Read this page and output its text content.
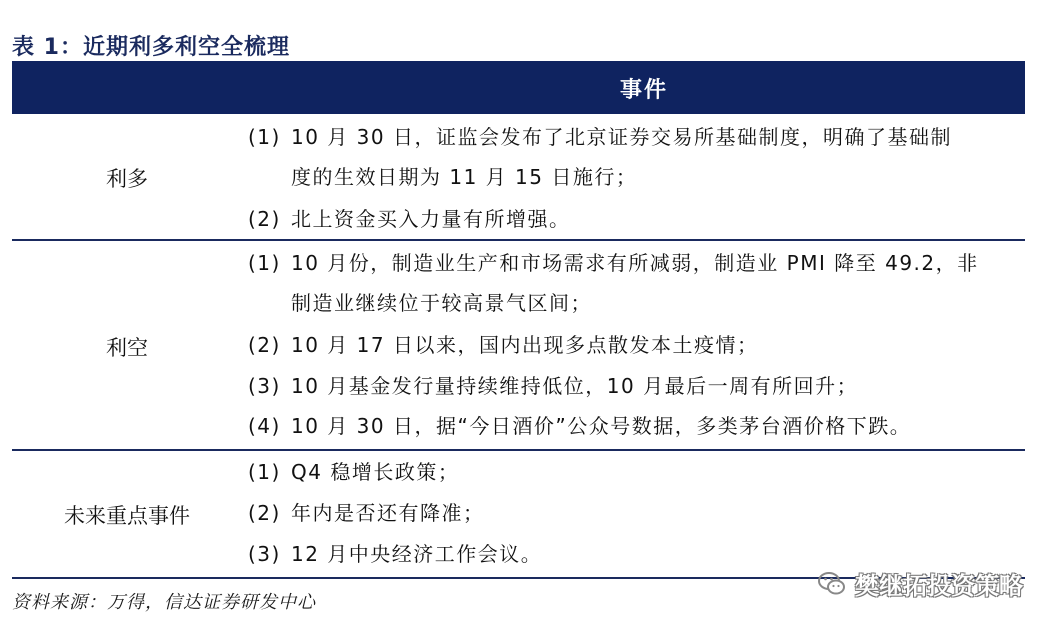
表 1：近期利多利空全梳理
事件
利多
(1) 10 月 30 日，证监会发布了北京证券交易所基础制度，明确了基础制
度的生效日期为 11 月 15 日施行；
(2) 北上资金买入力量有所增强。
利空
(1) 10 月份，制造业生产和市场需求有所减弱，制造业 PMI 降至 49.2，非
制造业继续位于较高景气区间；
(2) 10 月 17 日以来，国内出现多点散发本土疫情；
(3) 10 月基金发行量持续维持低位，10 月最后一周有所回升；
(4) 10 月 30 日，据“今日酒价”公众号数据，多类茅台酒价格下跌。
未来重点事件
(1) Q4 稳增长政策；
(2) 年内是否还有降准；
(3) 12 月中央经济工作会议。
资料来源：万得，信达证券研发中心
樊继拓投资策略
